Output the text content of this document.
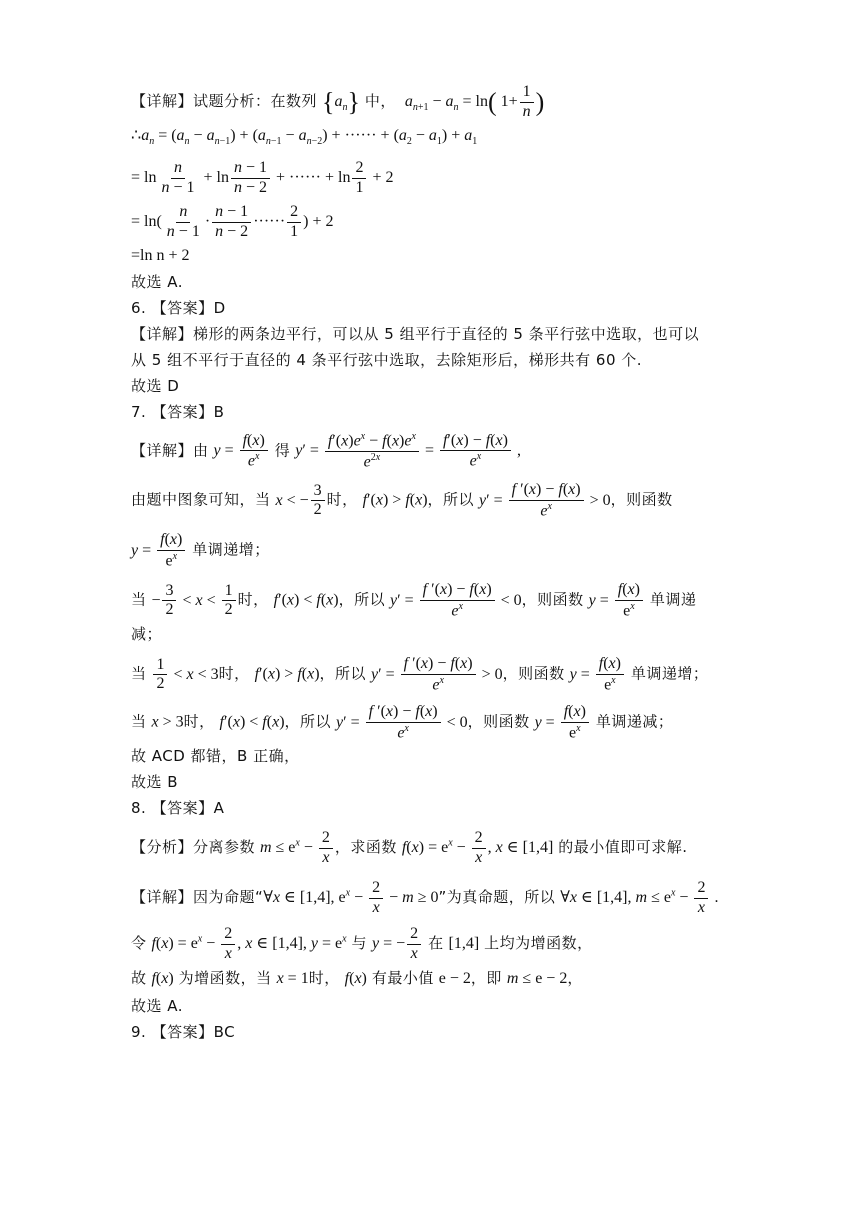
【详解】试题分析：在数列 $\{a_n\}$ 中， $a_{n+1} - a_n = \ln$( $1+ \frac{1}{n}$ )
$\therefore a_n = (a_n - a_{n-1}) + (a_{n-1} - a_{n-2})$ + ······ + $(a_2 - a_1) + a_1$
= $\ln \frac{n}{n - 1} + \ln \frac{n - 1}{n - 2}$ + ······ + $\ln \frac{2}{1} + 2$
= $\ln( \frac{n}{n - 1} \cdot \frac{n - 1}{n - 2}$ ······ $\frac{2}{1}$ ) + 2
=ln n + 2
故选 A.
6. 【答案】D
【详解】梯形的两条边平行，可以从 5 组平行于直径的 5 条平行弦中选取，也可以
从 5 组不平行于直径的 4 条平行弦中选取，去除矩形后，梯形共有 60 个.
故选 D
7. 【答案】B
【详解】由 $y = \frac{f(x)}{e^x}$ 得 $y' = \frac{f'(x)e^x - f(x)e^x}{e^{2x}} = \frac{f'(x) - f(x)}{e^x}$ ,
由题中图象可知，当 x < − $\frac{3}{2}$ 时， f′(x) > f(x)，所以 $y' = \frac{f '(x) - f(x)}{e^x} > 0$，则函数
$y = \frac{f(x)}{e^x}$ 单调递增；
当 − $\frac{3}{2} < x < \frac{1}{2}$ 时， f′(x) < f(x)，所以 $y' = \frac{f '(x) - f(x)}{e^x} < 0$，则函数 $y = \frac{f(x)}{e^x}$ 单调递
减；
当 $\frac{1}{2} < x < 3$时， f′(x) > f(x)，所以 $y' = \frac{f '(x) - f(x)}{e^x} > 0$，则函数 $y = \frac{f(x)}{e^x}$ 单调递增；
当 x > 3时， f′(x) < f(x)，所以 $y' = \frac{f '(x) - f(x)}{e^x} < 0$，则函数 $y = \frac{f(x)}{e^x}$ 单调递减；
故 ACD 都错，B 正确，
故选 B
8. 【答案】A
【分析】分离参数 $m \le e^x - \frac{2}{x}$ ，求函数 $f(x) = e^x - \frac{2}{x}$ , x ∈ [1,4] 的最小值即可求解.
【详解】因为命题“∀x ∈ [1,4], $e^x - \frac{2}{x} - m \ge 0$”为真命题，所以 ∀x ∈ [1,4], $m \le e^x - \frac{2}{x}$ .
令 $f(x) = e^x - \frac{2}{x}$ , x ∈ [1,4], $y = e^x$ 与 y = − $\frac{2}{x}$ 在 [1,4] 上均为增函数，
故 f(x) 为增函数，当 x = 1时， f(x) 有最小值 e − 2，即 m ≤ e − 2，
故选 A.
9. 【答案】BC
